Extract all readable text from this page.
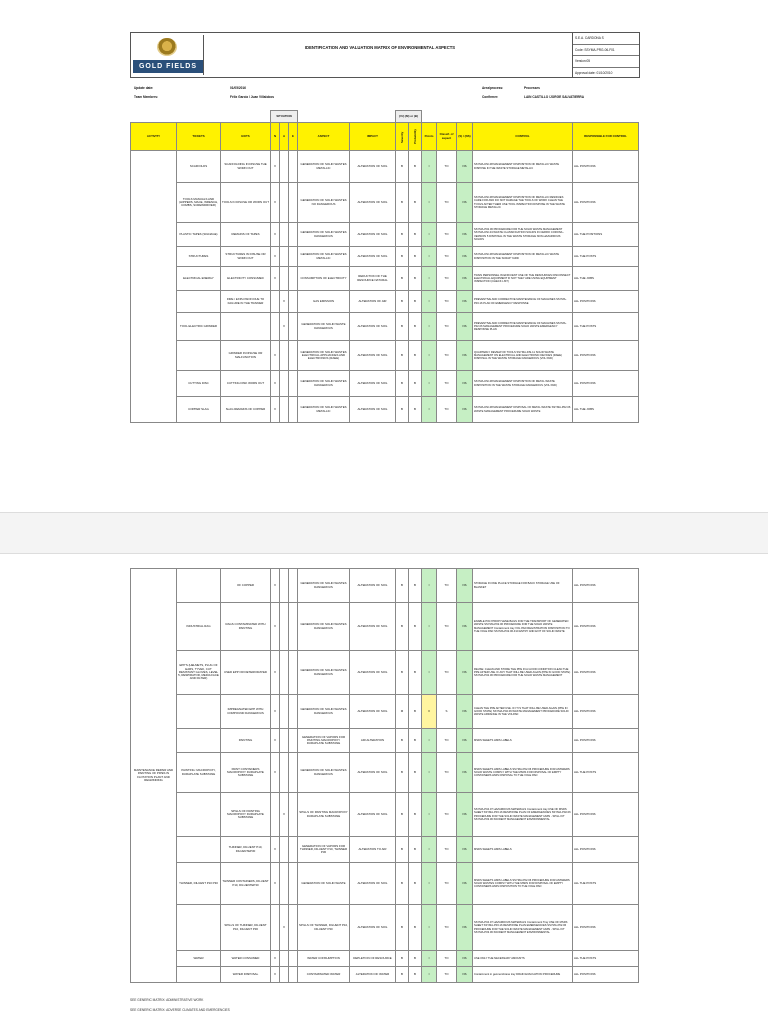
GOLD FIELDS
IDENTIFICATION AND VALUATION MATRIX OF ENVIRONMENTAL ASPECTS
S.E.A. CARDONA S
Code: SSYMA-PRG-06-F01
Version:05
Approval date: 01/10/2010
Update date:	01/05/2016
Team Members:	Félix García / Juan Villalobos
Area/process:	Processes
Confirmer:	LAIN CASTILLO /JORGE SALVATIERRA
			SITUATION					(V.I) (M) or (B)						
ACTIVITY	TICKETS	EXITS	N	A	E	ASPECT	IMPACT	Severity	Probability	Points	Classif. of aspect	(S) / (NS)	CONTROL	RESPONSIBLE FOR CONTROL
	SCAFFOLDS	SCAFFOLDING IN DISUSE THE WORN OUT	X			GENERATION OF SOLID WASTES METALLIC	ALTERATION OF SOIL	B	B	I	TO	NS	SSYMA-DSI-08 MANAGEMENT DISPOSITION OF METALLIC WASTE DISPOSE IN THE WASTE STORAGE METALLIC	ALL POSITIONS
	TOOLS MANUALS AND (HIPPERS, MACE, WRENCH, COMBS, SCREWDRIVER)	TOOLS IN DISUSE OR WORN OUT	X			GENERATION OF SOLID WASTES NO DANGEROUS	ALTERATION OF SOIL	B	B	I	TO	NS	SSYMA-DSI-08 MANAGEMENT DISPOSITION OF METALLIC RESIDUES CARE FOR AND DO NOT DAMAGE THE TOOLS OF WORK CLEAN THE TOOLS AFTER THEIR USE TOOL INSPECTION DISPOSE IN THE WASTE STORAGE METALLIC	ALL POSITIONS
	PLASTIC TAPES (SIGNAGE)	REMAINS OF TAPES	X			GENERATION OF SOLID WASTES DANGEROUS	ALTERATION OF SOIL	B	B	I	TO	NS	SSYMA-P02.06 PROCEDURE FOR THE SOLID WASTE MANAGEMENT SSYMA-DSI-04 WASTE CLASSIFICATION SOLIDS IN CERRO CORONA - VERSION 5 DISPOSAL IN THE WASTE STORAGE NON-HAZARDOUS SOLIDS	ALL THE POSITIONS
	STRUCTURES	STRUCTURES IN DISUSE OR WORN OUT	X			GENERATION OF SOLID WASTES METALLIC	ALTERATION OF SOIL	B	B	I	TO	NS	SSYMA-DSI-08 MANAGEMENT DISPOSITION OF METALLIC WASTE DISPOSITION IN THE SCRAP YARD	ALL THE POSTS
	ELECTRICAL ENERGY	ELECTRICITY CONSUMED	X			CONSUMPTION OF ELECTRICITY	REDUCTION OF THE RESOURCE NATURAL	B	B	I	TO	NS	TRAIN PERSONNEL IN EFFICIENT USE OF THE RESOURCES DISCONNECT ELECTRICAL EQUIPMENT IF NOT THEY ARE USING EQUIPMENT INSPECTION (CHECK LIST)	ALL THE JOBS
		FIRE / EXPLOSION DUE TO FAILURE IN THE TRAINER		X		GAS EMISSION	ALTERATION OF AIR	B	B	I	TO	NS	PREVENTIVE AND CORRECTIVE MAINTENANCE OF MACHINES SSYMA-P03.16 PLAN OF EMERGENCY RESPONSE	ALL POSITIONS
	TOOL ELECTRIC GRINDER			X		GENERATION OF SOLID WASTE DANGEROUS	ALTERATION OF SOIL	B	B	I	TO	NS	PREVENTIVE AND CORRECTIVE MAINTENANCE OF MACHINES SSYMA-P02.06 MANAGEMENT PROCEDURE SOLID WASTE EMERGENCY RESPONSE PLAN	ALL THE POSTS
		GRINDER IN DISUSE OR MALFUNCTION	X			GENERATION OF SOLID WASTES ELECTRICAL APPLIANCES AND ELECTRONICS (RAEE)	ALTERATION OF SOIL	B	B	I	TO	NS	QUARTERLY REVIEW OF TOOLS SSYMA-DSI-11 SOLID WASTE MANAGEMENT ON ELECTRICAL AND ELECTRONIC DEVICES (RAEE) DISPOSAL IN THE WASTE STORAGE DANGEROUS (VOL PAD)	ALL POSITIONS
	CUTTING DISC	CUTTING DISK WORN OUT	X			GENERATION OF SOLID WASTES DANGEROUS	ALTERATION OF SOIL	B	B	I	TO	NS	SSYMA-DSI-08 MANAGEMENT DISPOSITION OF METAL WASTE DISPOSITION IN THE WASTE STORAGE DANGEROUS (VOL PAD)	ALL POSITIONS
	COPPER SLAG	SLAG REMAINS OF COPPER	X			GENERATION OF SOLID WASTES METALLIC	ALTERATION OF SOIL	B	B	I	TO	NS	SSYMA-DSI-08 MANAGEMENT DISPOSAL OF METAL WASTE SSYMA-P02.06 WASTE MANAGEMENT PROCEDURE SOLID WASTE	ALL THE JOBS
MAINTENANCE REPAIR AND PAINTING OF PIPES IN FLOTATION PLANT AND REGRINDING		OF COPPER	X			GENERATION OF SOLID WASTES DANGEROUS	ALTERATION OF SOIL	B	B	I	TO	NS	STORAGE IN ONE PLACE STORAGE FOR BACK STORAGE USE OF BLANKET	ALL POSITIONS
	INDUSTRIAL RAG	RAGS CONTAMINATED WITH PAINTING	X			GENERATION OF SOLID WASTES DANGEROUS	ALTERATION OF SOIL	B	B	I	TO	NS	ENABLE POLYPROPYLENE BAGS FOR THE TRANSPORT OF GENERATED WASTE SSYMA-P02.06 PROCEDURE FOR THE SOLID WASTE MANAGEMENT Containment tray VOL PAD REGISTRATION DISPOSITION TO THE VOLE PAD SSYMA-P02.06-F10 ENTRY AND EXIT OF SOLID WASTE	ALL POSITIONS
	EPP'S (HELMETS, PLUG OF EARS, TYVEK, CUT RESISTANT GLOVES, LEVEL 5, RESPIRATOR, MEDIA FACE AND FILTER)	USED EPP OR DETERIORATED	X			GENERATION OF SOLID WASTES DANGEROUS	ALTERATION OF SOIL	B	B	I	TO	NS	REUSE: CLEAN AND STORE THE PPE IN A GOOD CONDITION CLEAN THE PPE AFTER USE. IF ANY THAT WILL BE USED AGAIN (PPE IN GOOD STATE) SSYMA-P02.06 PROCEDURE FOR THE SOLID WASTE MANAGEMENT	ALL POSITIONS
		IMPREGNATED EPP WITH COMPOUND DANGEROUS	X			GENERATION OF SOLID WASTES DANGEROUS	ALTERATION OF SOIL	M	B	II	S	NS	CLEAN THE PPE AFTER USE. IF IT IS THAT WILL BE USED AGAIN (PPE IN GOOD STATE) SSYMA-P02.06 WASTE MANAGEMENT PROCEDURE SOLID WASTE ARRANGE IN THE VOLPAD	ALL POSITIONS
		PAINTING	X			GENERATION OF VAPORS FOR PAINTING MACROPOXY DURAPLATE SUBSTANE	AIR ALTERATION	B	B	I	TO	NS	MSDS SHEETS HMIS LABELS	ALL POSITIONS
	PAINTING: MACROPOXY, DURAPLATE SUBSTANE	PAINT CONTAINERS MACROPOXY DURAPLATE SUBSTANE	X			GENERATION OF SOLID WASTES DANGEROUS	ALTERATION OF SOIL	B	B	I	TO	NS	MSDS SHEETS HMIS LABELS SSYMA-P02.06 PROCEDURE FOR ANSWERS SOLID WASTE COMPLY WITH THE MSDS FOR DISPOSAL OF EMPTY CONTAINERS HMIS DISPOSAL TO THE VOLE PAD	ALL THE POSTS
		SPILLS OF PAINTING MACROPOXY DURAPLATE SUBSTANE		X		SPILLS OF PAINTING MACROPOXY DURAPLATE SUBSTANE	ALTERATION OF SOIL	B	B	I	TO	NS	SSYMA-P04.07 HAZARDOUS MATERIALS Containment tray USE OF MSDS SHEET SSYMA-P03.16 RESPONSE PLAN OF EMERGENCIES SSYMA-P02.06 PROCEDURE FOR THE SOLID WASTE MANAGEMENT HMIS - SPILL KIT SSYMA-P03.06 INCIDENT MANAGEMENT ENVIRONMENTAL	ALL POSITIONS
		THINNER, DILUENT P10, DILUENTEP30	X			GENERATION OF VAPORS FOR THINNER, DILUENT P10, THINNER P30	ALTERATION TO AIR	B	B	I	TO	NS	MSDS SHEETS HMIS LABELS	ALL POSITIONS
	THINNER, DILUENT P10 P30	THINNER CONTAINERS, DILUENT P10, DILUENTEP30	X			GENERATION OF SOLID WASTE	ALTERATION OF SOIL	B	B	I	TO	NS	MSDS SHEETS HMIS LABELS SSYMA-P02.06 PROCEDURE FOR ANSWERS SOLID WASTES COMPLY WITH THE MSDS FOR DISPOSAL OF EMPTY CONTAINERS HMIS DISPOSITION TO THE VOLE PAD	ALL THE POSTS
		SPILLS OF THINNER, DILUENT P10, DILUENT P30		X		SPILLS OF THINNER, DILUENT P10, DILUENT P30	ALTERATION OF SOIL	B	B	I	TO	NS	SSYMA-P04.07 HAZARDOUS MATERIALS Containment Tray USE OF MSDS SHEET SSYMA-P03.16 RESPONSE PLAN EMERGENCIES SSYMA-P02.06 PROCEDURE FOR THE SOLID WASTE MANAGEMENT HMIS - SPILL KIT SSYMA-P03.06 INCIDENT MANAGEMENT ENVIRONMENTAL	ALL POSITIONS
	WATER	WATER CONSUMED	X			WATER CONSUMPTION	DEPLETION OF RESOURCE	B	B	I	TO	NS	USE ONLY THE NECESSARY AMOUNTS	ALL THE POSTS
		WATER DISPOSAL	X			CONTAMINATED WATER	ALTERATION OF WATER	B	B	I	TO	NS	Containment in geomembrane tray DRAIN EVACUATION PROCEDURE	ALL POSITIONS
SEE GENERIC MATRIX: ADMINISTRATIVE WORK
SEE GENERIC MATRIX: ADVERSE CLIMATES AND EMERGENCIES
